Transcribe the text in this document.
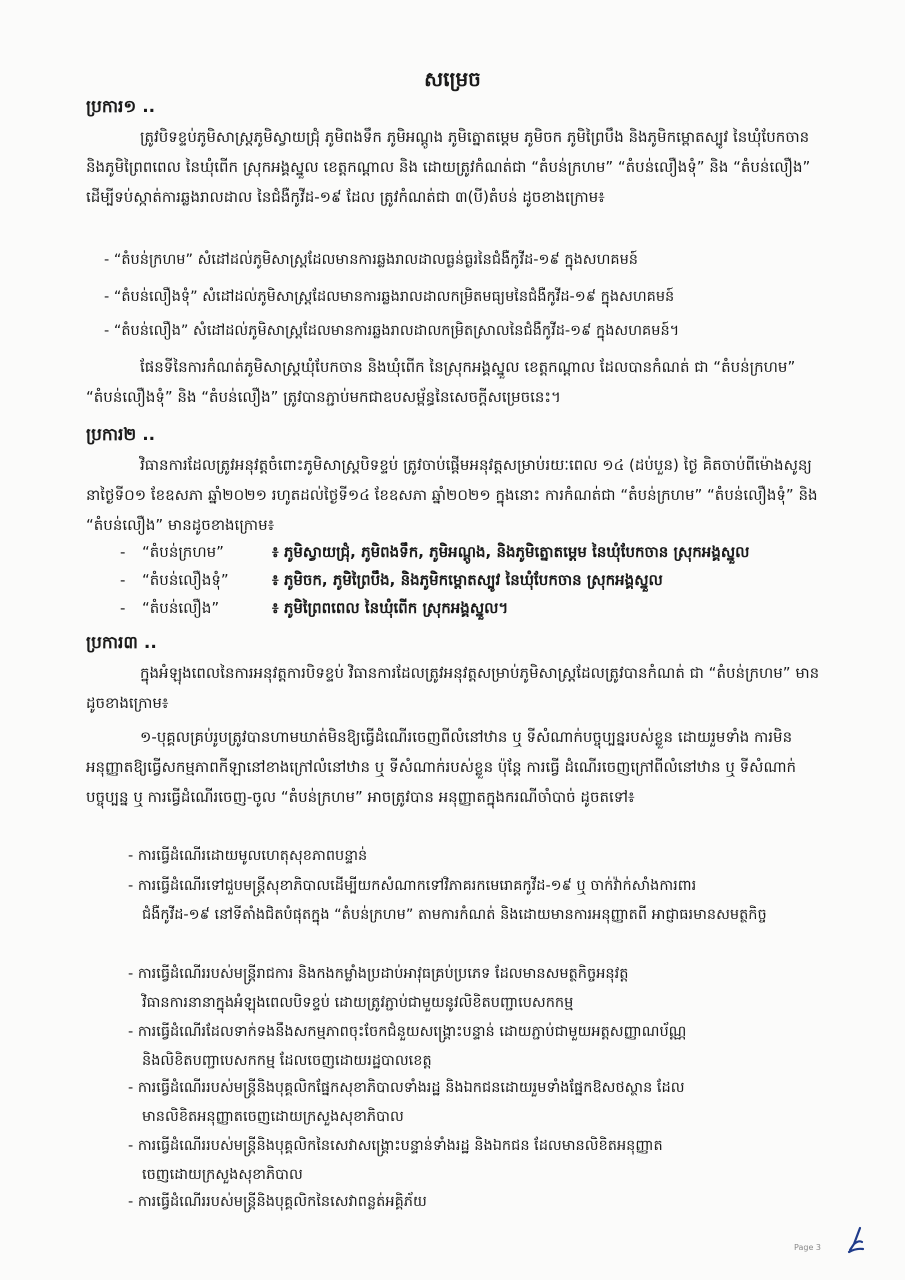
សម្រេច
ប្រការ១ ..
ត្រូវបិទខ្ទប់ភូមិសាស្ត្រភូមិស្វាយជ្រុំ ភូមិពងទឹក ភូមិអណ្ដូង ភូមិត្នោតម្ដេម ភូមិចក ភូមិព្រៃបឹង និងភូមិកម្ពោតស្បូវ នៃឃុំបែកចាន និងភូមិព្រៃពពេល នៃឃុំពើក ស្រុកអង្គស្នួល ខេត្តកណ្ដាល និង ដោយត្រូវកំណត់ជា “តំបន់ក្រហម” “តំបន់លឿងទុំ” និង “តំបន់លឿង” ដើម្បីទប់ស្កាត់ការឆ្លងរាលដាល នៃជំងឺកូវីដ-១៩ ដែល ត្រូវកំណត់ជា ៣(បី)តំបន់ ដូចខាងក្រោម៖
- “តំបន់ក្រហម” សំដៅដល់ភូមិសាស្ត្រដែលមានការឆ្លងរាលដាលធ្ងន់ធ្ងរនៃជំងឺកូវីដ-១៩ ក្នុងសហគមន៍
- “តំបន់លឿងទុំ” សំដៅដល់ភូមិសាស្ត្រដែលមានការឆ្លងរាលដាលកម្រិតមធ្យមនៃជំងឺកូវីដ-១៩ ក្នុងសហគមន៍
- “តំបន់លឿង” សំដៅដល់ភូមិសាស្ត្រដែលមានការឆ្លងរាលដាលកម្រិតស្រាលនៃជំងឺកូវីដ-១៩ ក្នុងសហគមន៍។
ផែនទីនៃការកំណត់ភូមិសាស្ត្រឃុំបែកចាន និងឃុំពើក នៃស្រុកអង្គស្នួល ខេត្តកណ្ដាល ដែលបានកំណត់ ជា “តំបន់ក្រហម” “តំបន់លឿងទុំ” និង “តំបន់លឿង” ត្រូវបានភ្ជាប់មកជាឧបសម្ព័ន្ធនៃសេចក្ដីសម្រេចនេះ។
ប្រការ២ ..
វិធានការដែលត្រូវអនុវត្តចំពោះភូមិសាស្ត្របិទខ្ទប់ ត្រូវចាប់ផ្ដើមអនុវត្តសម្រាប់រយៈពេល ១៤ (ដប់បួន) ថ្ងៃ គិតចាប់ពីម៉ោងសូន្យ នាថ្ងៃទី០១ ខែឧសភា ឆ្នាំ២០២១ រហូតដល់ថ្ងៃទី១៤ ខែឧសភា ឆ្នាំ២០២១ ក្នុងនោះ ការកំណត់ជា “តំបន់ក្រហម” “តំបន់លឿងទុំ” និង “តំបន់លឿង” មានដូចខាងក្រោម៖
- “តំបន់ក្រហម”	៖ ភូមិស្វាយជ្រុំ, ភូមិពងទឹក, ភូមិអណ្ដូង, និងភូមិត្នោតម្ដេម នៃឃុំបែកចាន ស្រុកអង្គស្នួល
- “តំបន់លឿងទុំ”	៖ ភូមិចក, ភូមិព្រៃបឹង, និងភូមិកម្ពោតស្បូវ នៃឃុំបែកចាន ស្រុកអង្គស្នួល
- “តំបន់លឿង”	៖ ភូមិព្រៃពពេល នៃឃុំពើក ស្រុកអង្គស្នួល។
ប្រការ៣ ..
ក្នុងអំឡុងពេលនៃការអនុវត្តការបិទខ្ទប់ វិធានការដែលត្រូវអនុវត្តសម្រាប់ភូមិសាស្ត្រដែលត្រូវបានកំណត់ ជា “តំបន់ក្រហម” មានដូចខាងក្រោម៖
១-បុគ្គលគ្រប់រូបត្រូវបានហាមឃាត់មិនឱ្យធ្វើដំណើរចេញពីលំនៅឋាន ឬ ទីសំណាក់បច្ចុប្បន្នរបស់ខ្លួន ដោយរួមទាំង ការមិនអនុញ្ញាតឱ្យធ្វើសកម្មភាពកីឡានៅខាងក្រៅលំនៅឋាន ឬ ទីសំណាក់របស់ខ្លួន ប៉ុន្តែ ការធ្វើ ដំណើរចេញក្រៅពីលំនៅឋាន ឬ ទីសំណាក់បច្ចុប្បន្ន ឬ ការធ្វើដំណើរចេញ-ចូល “តំបន់ក្រហម” អាចត្រូវបាន អនុញ្ញាតក្នុងករណីចាំបាច់ ដូចតទៅ៖
- ការធ្វើដំណើរដោយមូលហេតុសុខភាពបន្ទាន់
- ការធ្វើដំណើរទៅជួបមន្ត្រីសុខាភិបាលដើម្បីយកសំណាកទៅវិភាគរកមេរោគកូវីដ-១៩ ឬ ចាក់វ៉ាក់សាំងការពារ
ជំងឺកូវីដ-១៩ នៅទីតាំងជិតបំផុតក្នុង “តំបន់ក្រហម” តាមការកំណត់ និងដោយមានការអនុញ្ញាតពី អាជ្ញាធរមានសមត្ថកិច្ច
- ការធ្វើដំណើររបស់មន្ត្រីរាជការ និងកងកម្លាំងប្រដាប់អាវុធគ្រប់ប្រភេទ ដែលមានសមត្ថកិច្ចអនុវត្ត
វិធានការនានាក្នុងអំឡុងពេលបិទខ្ទប់ ដោយត្រូវភ្ជាប់ជាមួយនូវលិខិតបញ្ជាបេសកកម្ម
- ការធ្វើដំណើរដែលទាក់ទងនឹងសកម្មភាពចុះចែកជំនួយសង្គ្រោះបន្ទាន់ ដោយភ្ជាប់ជាមួយអត្តសញ្ញាណប័ណ្ណ
និងលិខិតបញ្ជាបេសកកម្ម ដែលចេញដោយរដ្ឋបាលខេត្ត
- ការធ្វើដំណើររបស់មន្ត្រីនិងបុគ្គលិកផ្នែកសុខាភិបាលទាំងរដ្ឋ និងឯកជនដោយរួមទាំងផ្នែកឱសថស្ថាន ដែល
មានលិខិតអនុញ្ញាតចេញដោយក្រសួងសុខាភិបាល
- ការធ្វើដំណើររបស់មន្ត្រីនិងបុគ្គលិកនៃសេវាសង្គ្រោះបន្ទាន់ទាំងរដ្ឋ និងឯកជន ដែលមានលិខិតអនុញ្ញាត
ចេញដោយក្រសួងសុខាភិបាល
- ការធ្វើដំណើររបស់មន្ត្រីនិងបុគ្គលិកនៃសេវាពន្លត់អគ្គិភ័យ
Page 3
